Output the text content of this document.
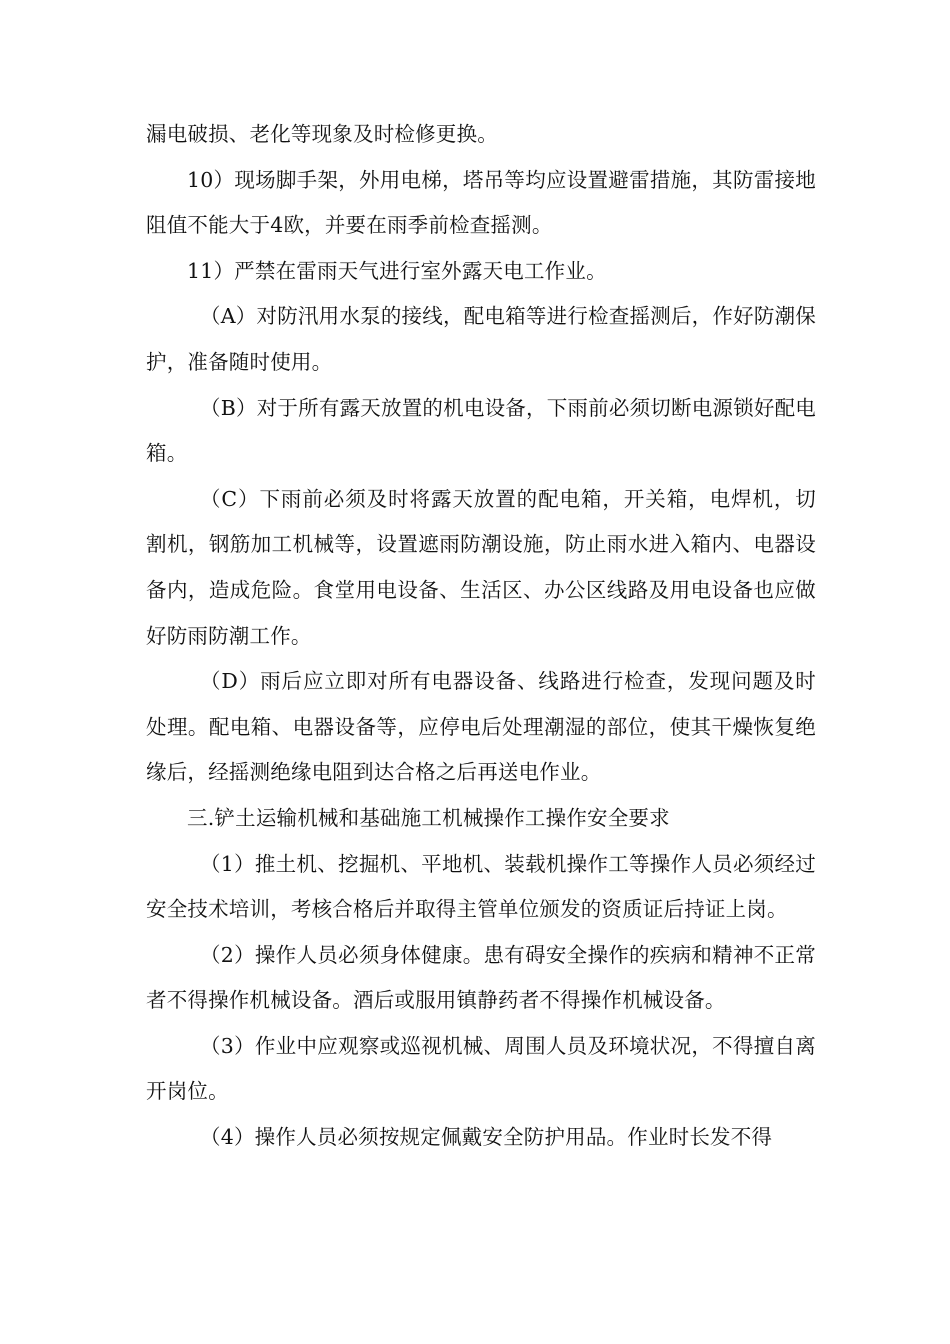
漏电破损、老化等现象及时检修更换。

10）现场脚手架，外用电梯，塔吊等均应设置避雷措施，其防雷接地阻值不能大于4欧，并要在雨季前检查摇测。

11）严禁在雷雨天气进行室外露天电工作业。

（A）对防汛用水泵的接线，配电箱等进行检查摇测后，作好防潮保护，准备随时使用。

（B）对于所有露天放置的机电设备，下雨前必须切断电源锁好配电箱。

（C）下雨前必须及时将露天放置的配电箱，开关箱，电焊机，切割机，钢筋加工机械等，设置遮雨防潮设施，防止雨水进入箱内、电器设备内，造成危险。食堂用电设备、生活区、办公区线路及用电设备也应做好防雨防潮工作。

（D）雨后应立即对所有电器设备、线路进行检查，发现问题及时处理。配电箱、电器设备等，应停电后处理潮湿的部位，使其干燥恢复绝缘后，经摇测绝缘电阻到达合格之后再送电作业。

三.铲土运输机械和基础施工机械操作工操作安全要求

（1）推土机、挖掘机、平地机、装载机操作工等操作人员必须经过安全技术培训，考核合格后并取得主管单位颁发的资质证后持证上岗。

（2）操作人员必须身体健康。患有碍安全操作的疾病和精神不正常者不得操作机械设备。酒后或服用镇静药者不得操作机械设备。

（3）作业中应观察或巡视机械、周围人员及环境状况，不得擅自离开岗位。

（4）操作人员必须按规定佩戴安全防护用品。作业时长发不得
